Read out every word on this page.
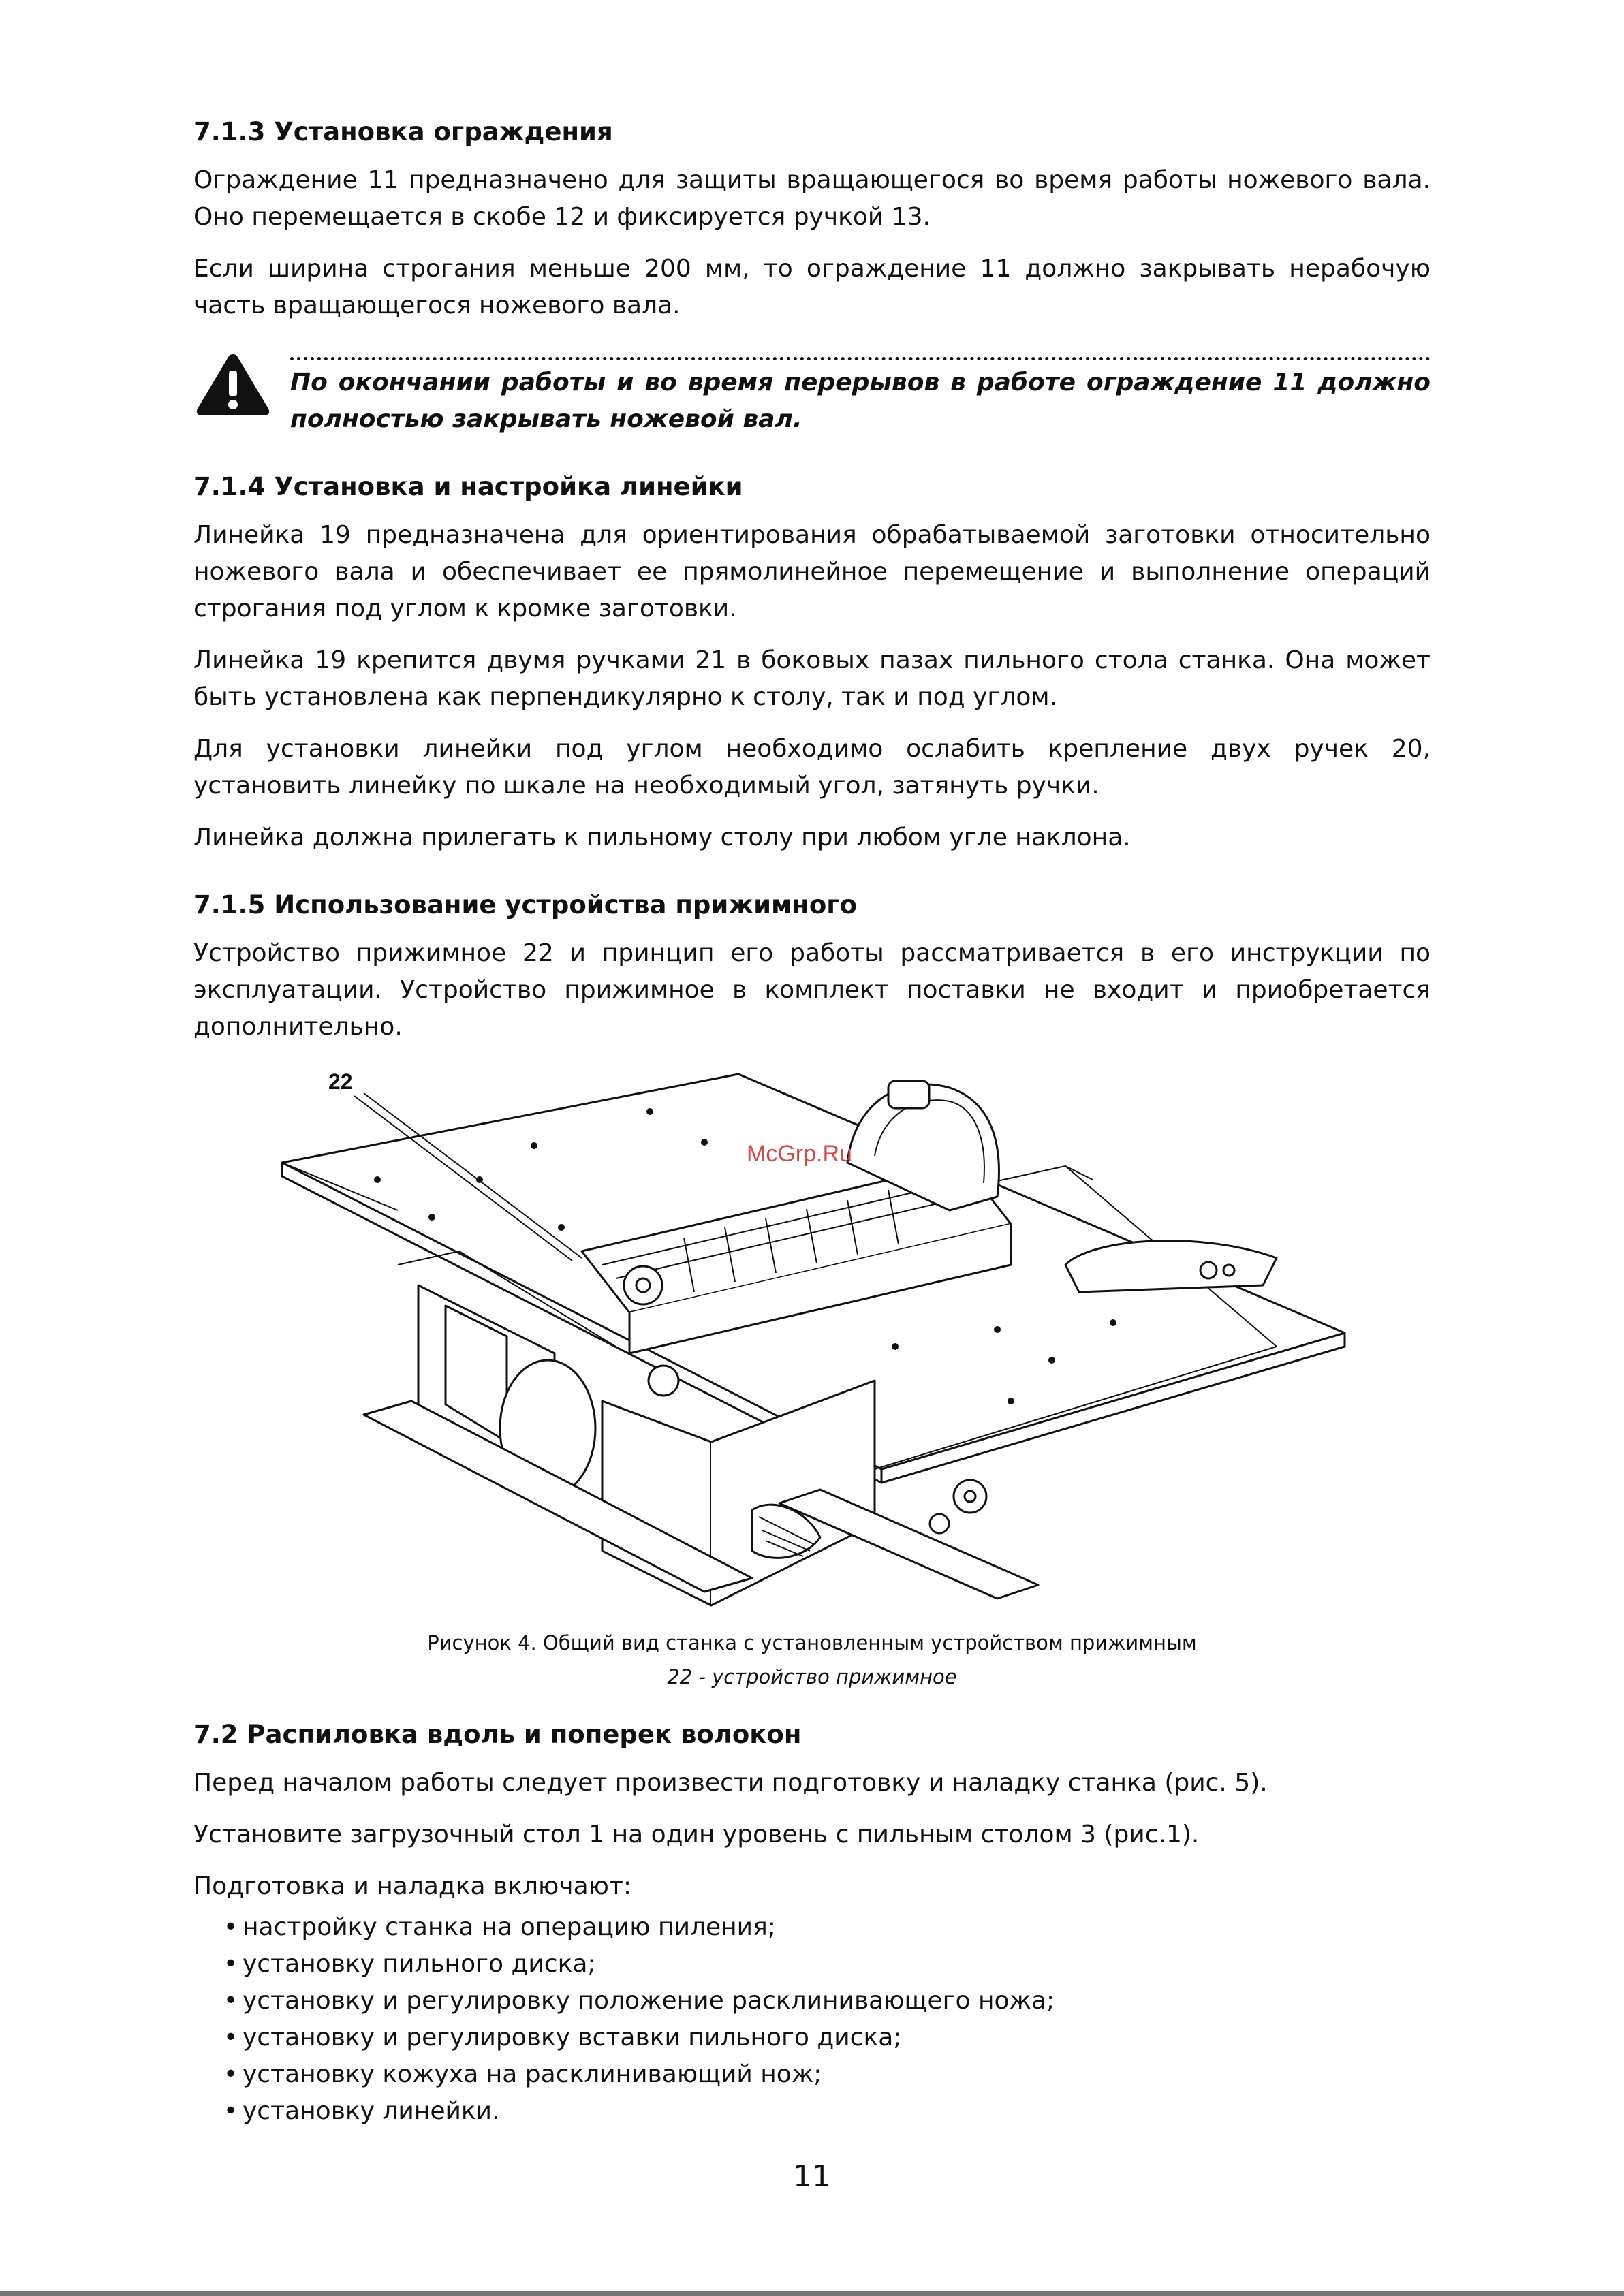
7.1.3 Установка ограждения

Ограждение 11 предназначено для защиты вращающегося во время работы ножевого вала. Оно перемещается в скобе 12 и фиксируется ручкой 13.

Если ширина строгания меньше 200 мм, то ограждение 11 должно закрывать нерабочую часть вращающегося ножевого вала.

По окончании работы и во время перерывов в работе ограждение 11 должно полностью закрывать ножевой вал.
7.1.4 Установка и настройка линейки

Линейка 19 предназначена для ориентирования обрабатываемой заготовки относительно ножевого вала и обеспечивает ее прямолинейное перемещение и выполнение операций строгания под углом к кромке заготовки.

Линейка 19 крепится двумя ручками 21 в боковых пазах пильного стола станка. Она может быть установлена как перпендикулярно к столу, так и под углом.

Для установки линейки под углом необходимо ослабить крепление двух ручек 20, установить линейку по шкале на необходимый угол, затянуть ручки.

Линейка должна прилегать к пильному столу при любом угле наклона.

7.1.5 Использование устройства прижимного

Устройство прижимное 22 и принцип его работы рассматривается в его инструкции по эксплуатации. Устройство прижимное в комплект поставки не входит и приобретается дополнительно.

22
McGrp.Ru
Рисунок 4. Общий вид станка с установленным устройством прижимным
22 - устройство прижимное
7.2 Распиловка вдоль и поперек волокон

Перед началом работы следует произвести подготовку и наладку станка (рис. 5).

Установите загрузочный стол 1 на один уровень с пильным столом 3 (рис.1).

Подготовка и наладка включают:

• настройку станка на операцию пиления;
• установку пильного диска;
• установку и регулировку положение расклинивающего ножа;
• установку и регулировку вставки пильного диска;
• установку кожуха на расклинивающий нож;
• установку линейки.
11
